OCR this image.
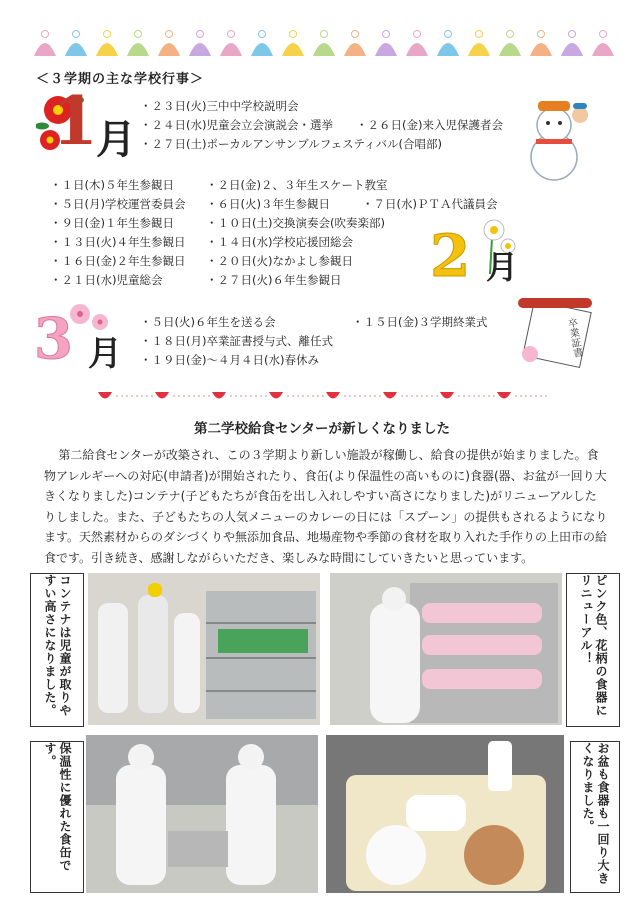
＜３学期の主な学校行事＞
1
月
・ ２３日(火)三中中学校説明会
・ ２４日(水)児童会立会演説会・選挙	・ ２６日(金)来入児保護者会
・ ２７日(土)ポーカルアンサンブルフェスティバル(合唱部)
・ １日(木)５年生参観日	・ ２日(金)２、３年生スケート教室
・ ５日(月)学校運営委員会	・ ６日(火)３年生参観日	・ ７日(水)ＰＴＡ代議員会
・ ９日(金)１年生参観日	・ １０日(土)交換演奏会(吹奏楽部)
・ １３日(火)４年生参観日	・ １４日(水)学校応援団総会
・ １６日(金)２年生参観日	・ ２０日(火)なかよし参観日
・ ２１日(水)児童総会	・ ２７日(火)６年生参観日 2 月
3 月
・ ５日(火)６年生を送る会	・ １５日(金)３学期終業式
・ １８日(月)卒業証書授与式、離任式
・ １９日(金)～４月４日(水)春休み
卒業証書
第二学校給食センターが新しくなりました
第二給食センターが改築され、この３学期より新しい施設が稼働し、給食の提供が始まりました。食物アレルギーへの対応(申請者)が開始されたり、食缶(より保温性の高いものに)食器(器、お盆が一回り大きくなりました)コンテナ(子どもたちが食缶を出し入れしやすい高さになりました)がリニューアルしたりしました。また、子どもたちの人気メニューのカレーの日には「スプーン」の提供もされるようになります。天然素材からのダシづくりや無添加食品、地場産物や季節の食材を取り入れた手作りの上田市の給食です。引き続き、感謝しながらいただき、楽しみな時間にしていきたいと思っています。
コンテナは児童が取りやすい高さになりました。	ピンク色、花柄の食器にリニューアル！
保温性に優れた食缶です。	お盆も食器も一回り大きくなりました。
